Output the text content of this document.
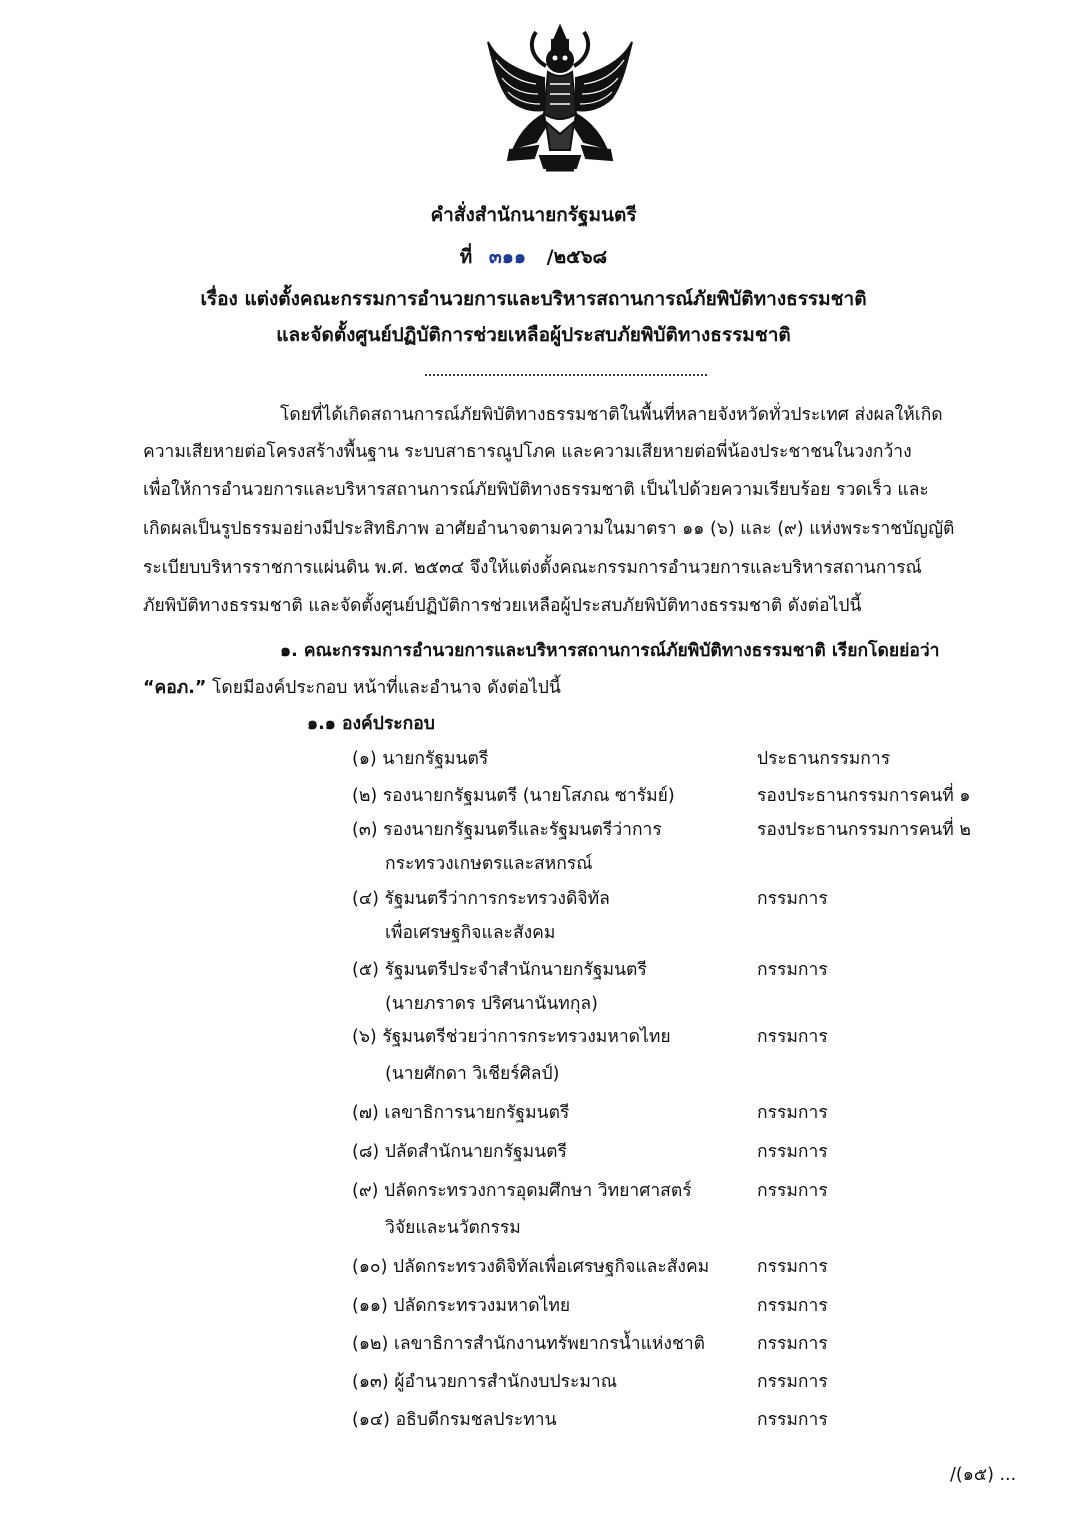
คำสั่งสำนักนายกรัฐมนตรี
ที่ ๓๑๑ /๒๕๖๘
เรื่อง แต่งตั้งคณะกรรมการอำนวยการและบริหารสถานการณ์ภัยพิบัติทางธรรมชาติ
และจัดตั้งศูนย์ปฏิบัติการช่วยเหลือผู้ประสบภัยพิบัติทางธรรมชาติ
โดยที่ได้เกิดสถานการณ์ภัยพิบัติทางธรรมชาติในพื้นที่หลายจังหวัดทั่วประเทศ ส่งผลให้เกิด
ความเสียหายต่อโครงสร้างพื้นฐาน ระบบสาธารณูปโภค และความเสียหายต่อพี่น้องประชาชนในวงกว้าง
เพื่อให้การอำนวยการและบริหารสถานการณ์ภัยพิบัติทางธรรมชาติ เป็นไปด้วยความเรียบร้อย รวดเร็ว และ
เกิดผลเป็นรูปธรรมอย่างมีประสิทธิภาพ อาศัยอำนาจตามความในมาตรา ๑๑ (๖) และ (๙) แห่งพระราชบัญญัติ
ระเบียบบริหารราชการแผ่นดิน พ.ศ. ๒๕๓๔ จึงให้แต่งตั้งคณะกรรมการอำนวยการและบริหารสถานการณ์
ภัยพิบัติทางธรรมชาติ และจัดตั้งศูนย์ปฏิบัติการช่วยเหลือผู้ประสบภัยพิบัติทางธรรมชาติ ดังต่อไปนี้
๑. คณะกรรมการอำนวยการและบริหารสถานการณ์ภัยพิบัติทางธรรมชาติ เรียกโดยย่อว่า
“คอภ.” โดยมีองค์ประกอบ หน้าที่และอำนาจ ดังต่อไปนี้
๑.๑ องค์ประกอบ
(๑) นายกรัฐมนตรี	ประธานกรรมการ
(๒) รองนายกรัฐมนตรี (นายโสภณ ซารัมย์)	รองประธานกรรมการคนที่ ๑
(๓) รองนายกรัฐมนตรีและรัฐมนตรีว่าการ	รองประธานกรรมการคนที่ ๒
กระทรวงเกษตรและสหกรณ์
(๔) รัฐมนตรีว่าการกระทรวงดิจิทัล	กรรมการ
เพื่อเศรษฐกิจและสังคม
(๕) รัฐมนตรีประจำสำนักนายกรัฐมนตรี	กรรมการ
(นายภราดร ปริศนานันทกุล)
(๖) รัฐมนตรีช่วยว่าการกระทรวงมหาดไทย	กรรมการ
(นายศักดา วิเชียร์ศิลป์)
(๗) เลขาธิการนายกรัฐมนตรี	กรรมการ
(๘) ปลัดสำนักนายกรัฐมนตรี	กรรมการ
(๙) ปลัดกระทรวงการอุดมศึกษา วิทยาศาสตร์	กรรมการ
วิจัยและนวัตกรรม
(๑๐) ปลัดกระทรวงดิจิทัลเพื่อเศรษฐกิจและสังคม	กรรมการ
(๑๑) ปลัดกระทรวงมหาดไทย	กรรมการ
(๑๒) เลขาธิการสำนักงานทรัพยากรน้ำแห่งชาติ	กรรมการ
(๑๓) ผู้อำนวยการสำนักงบประมาณ	กรรมการ
(๑๔) อธิบดีกรมชลประทาน	กรรมการ
/(๑๕) ...
